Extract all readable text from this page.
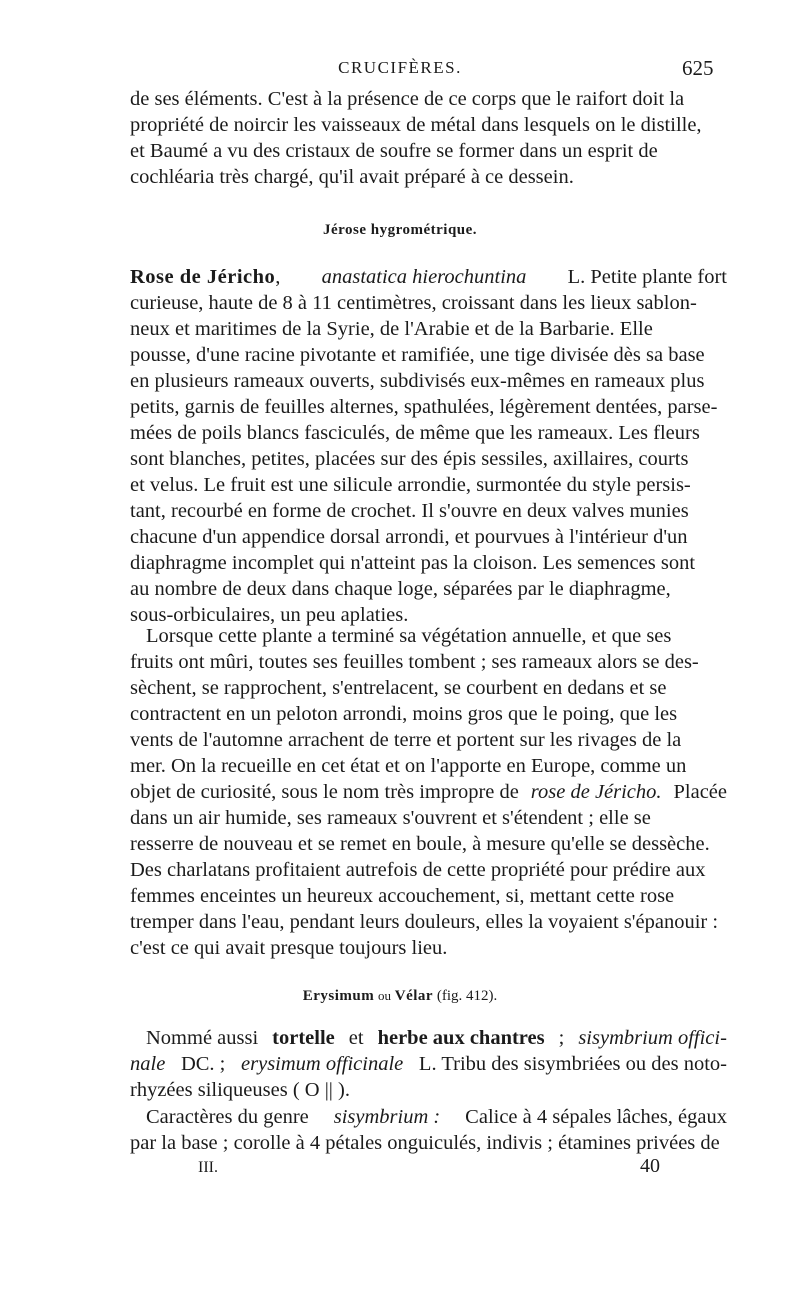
CRUCIFÈRES.	625
de ses éléments. C'est à la présence de ce corps que le raifort doit la
propriété de noircir les vaisseaux de métal dans lesquels on le distille,
et Baumé a vu des cristaux de soufre se former dans un esprit de
cochléaria très chargé, qu'il avait préparé à ce dessein.
Jérose hygrométrique.
Rose de Jéricho, anastatica hierochuntina L. Petite plante fort
curieuse, haute de 8 à 11 centimètres, croissant dans les lieux sablon-
neux et maritimes de la Syrie, de l'Arabie et de la Barbarie. Elle
pousse, d'une racine pivotante et ramifiée, une tige divisée dès sa base
en plusieurs rameaux ouverts, subdivisés eux-mêmes en rameaux plus
petits, garnis de feuilles alternes, spathulées, légèrement dentées, parse-
mées de poils blancs fasciculés, de même que les rameaux. Les fleurs
sont blanches, petites, placées sur des épis sessiles, axillaires, courts
et velus. Le fruit est une silicule arrondie, surmontée du style persis-
tant, recourbé en forme de crochet. Il s'ouvre en deux valves munies
chacune d'un appendice dorsal arrondi, et pourvues à l'intérieur d'un
diaphragme incomplet qui n'atteint pas la cloison. Les semences sont
au nombre de deux dans chaque loge, séparées par le diaphragme,
sous-orbiculaires, un peu aplaties.
Lorsque cette plante a terminé sa végétation annuelle, et que ses
fruits ont mûri, toutes ses feuilles tombent ; ses rameaux alors se des-
sèchent, se rapprochent, s'entrelacent, se courbent en dedans et se
contractent en un peloton arrondi, moins gros que le poing, que les
vents de l'automne arrachent de terre et portent sur les rivages de la
mer. On la recueille en cet état et on l'apporte en Europe, comme un
objet de curiosité, sous le nom très impropre de rose de Jéricho. Placée
dans un air humide, ses rameaux s'ouvrent et s'étendent ; elle se
resserre de nouveau et se remet en boule, à mesure qu'elle se dessèche.
Des charlatans profitaient autrefois de cette propriété pour prédire aux
femmes enceintes un heureux accouchement, si, mettant cette rose
tremper dans l'eau, pendant leurs douleurs, elles la voyaient s'épanouir :
c'est ce qui avait presque toujours lieu.
Erysimum ou Vélar (fig. 412).
Nommé aussi tortelle et herbe aux chantres ; sisymbrium offici-
nale DC. ; erysimum officinale L. Tribu des sisymbriées ou des noto-
rhyzées siliqueuses ( O || ).
Caractères du genre sisymbrium : Calice à 4 sépales lâches, égaux
par la base ; corolle à 4 pétales onguiculés, indivis ; étamines privées de
III.	40
